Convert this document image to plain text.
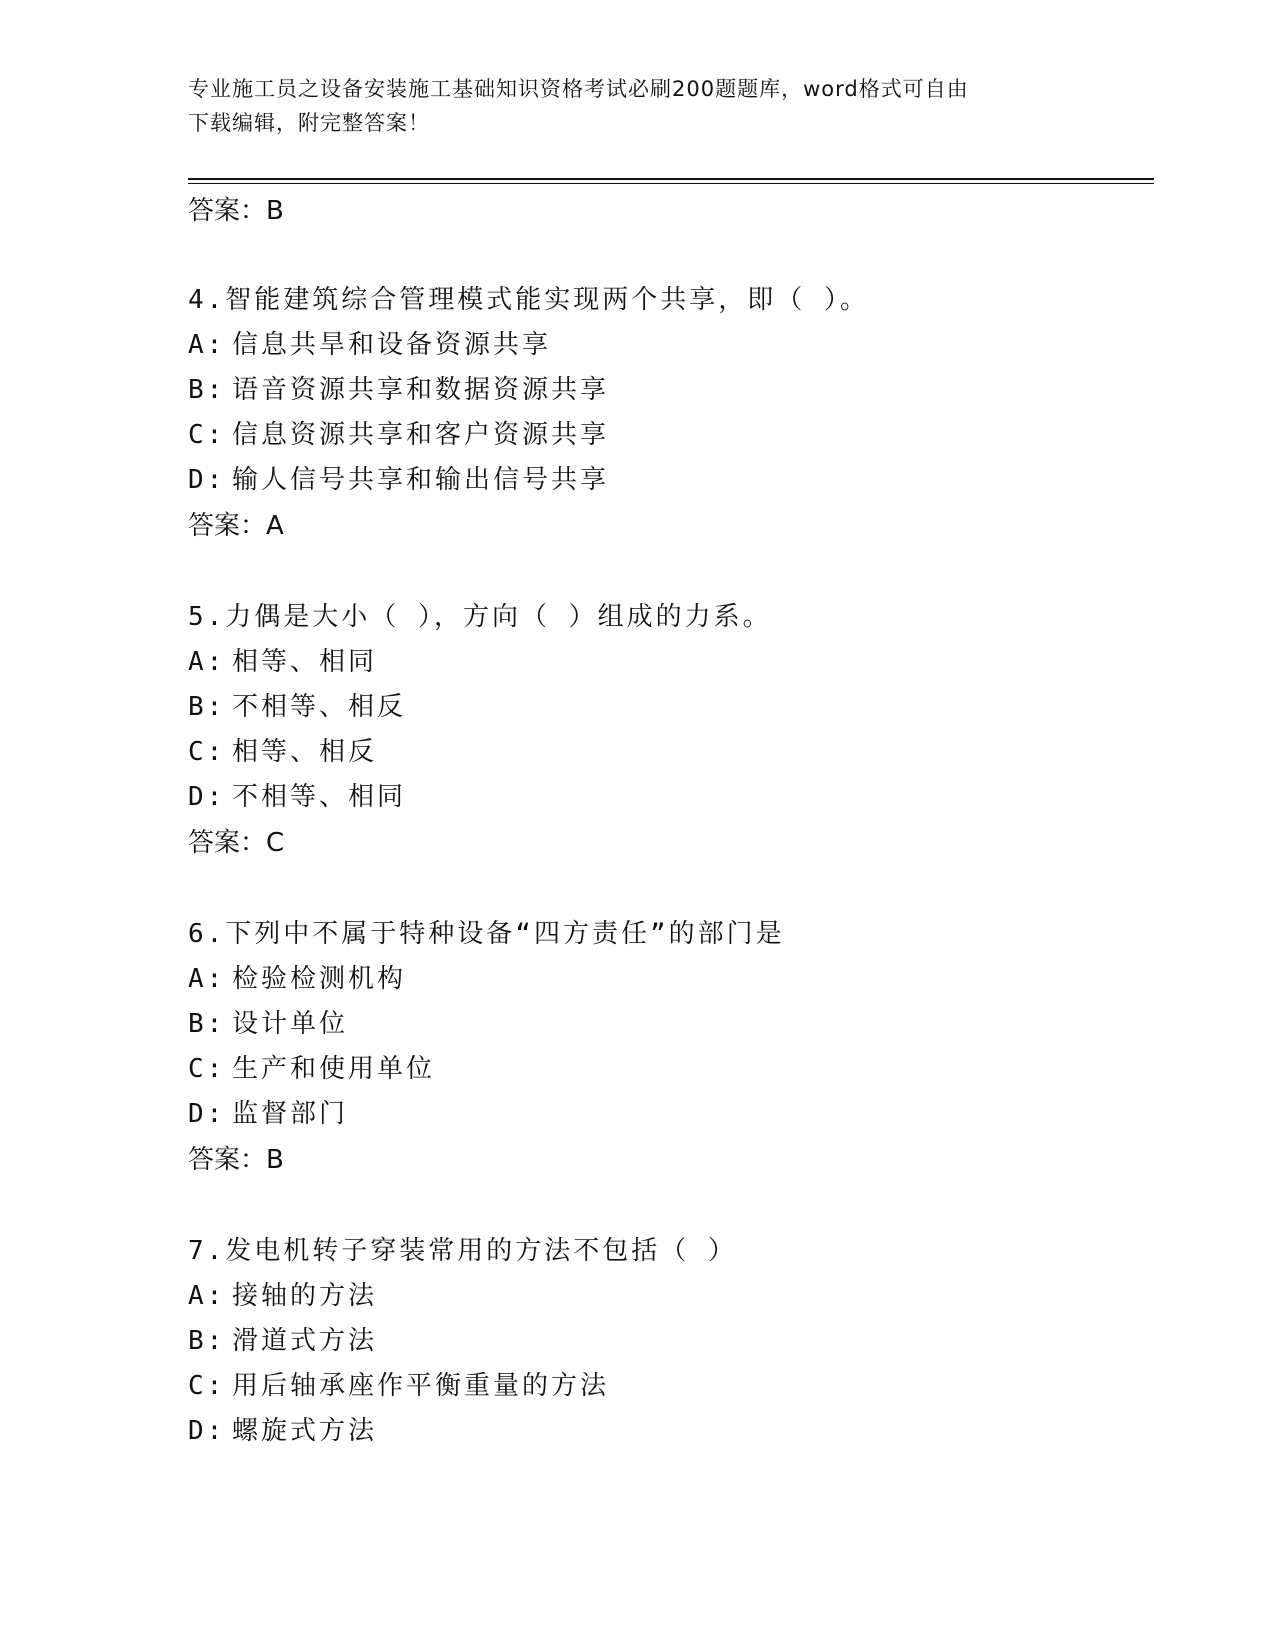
专业施工员之设备安装施工基础知识资格考试必刷200题题库，word格式可自由
下载编辑，附完整答案！
答案：B
4.智能建筑综合管理模式能实现两个共享，即（ ）。
A: 信息共旱和设备资源共享
B: 语音资源共享和数据资源共享
C: 信息资源共享和客户资源共享
D: 输人信号共享和输出信号共享
答案：A
5.力偶是大小（ ），方向（ ）组成的力系。
A: 相等、相同
B: 不相等、相反
C: 相等、相反
D: 不相等、相同
答案：C
6.下列中不属于特种设备“四方责任”的部门是
A: 检验检测机构
B: 设计单位
C: 生产和使用单位
D: 监督部门
答案：B
7.发电机转子穿装常用的方法不包括（ ）
A: 接轴的方法
B: 滑道式方法
C: 用后轴承座作平衡重量的方法
D: 螺旋式方法
